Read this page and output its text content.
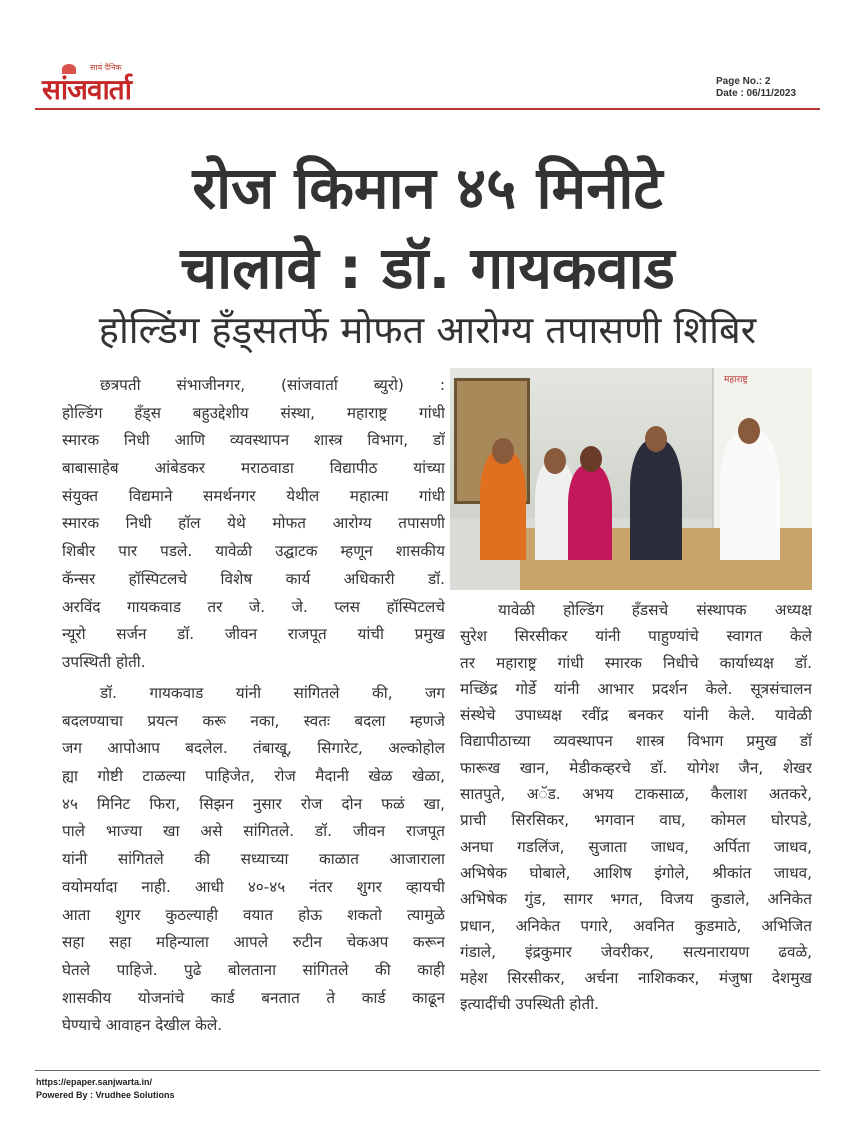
सायं दैनिक
सांजवार्ता	Page No.: 2
Date : 06/11/2023
रोज किमान ४५ मिनीटे
चालावे : डॉ. गायकवाड
होल्डिंग हँड्सतर्फे मोफत आरोग्य तपासणी शिबिर
छत्रपती संभाजीनगर, (सांजवार्ता ब्युरो) :
होल्डिंग हँड्स बहुउद्देशीय संस्था, महाराष्ट्र गांधी
स्मारक निधी आणि व्यवस्थापन शास्त्र विभाग, डॉ
बाबासाहेब आंबेडकर मराठवाडा विद्यापीठ यांच्या
संयुक्त विद्यमाने समर्थनगर येथील महात्मा गांधी
स्मारक निधी हॉल येथे मोफत आरोग्य तपासणी
शिबीर पार पडले. यावेळी उद्घाटक म्हणून शासकीय
कॅन्सर हॉस्पिटलचे विशेष कार्य अधिकारी डॉ.
अरविंद गायकवाड तर जे. जे. प्लस हॉस्पिटलचे
न्यूरो सर्जन डॉ. जीवन राजपूत यांची प्रमुख
उपस्थिती होती.
डॉ. गायकवाड यांनी सांगितले की, जग
बदलण्याचा प्रयत्न करू नका, स्वतः बदला म्हणजे
जग आपोआप बदलेल. तंबाखू, सिगारेट, अल्कोहोल
ह्या गोष्टी टाळल्या पाहिजेत, रोज मैदानी खेळ खेळा,
४५ मिनिट फिरा, सिझन नुसार रोज दोन फळं खा,
पाले भाज्या खा असे सांगितले. डॉ. जीवन राजपूत
यांनी सांगितले की सध्याच्या काळात आजाराला
वयोमर्यादा नाही. आधी ४०-४५ नंतर शुगर व्हायची
आता शुगर कुठल्याही वयात होऊ शकतो त्यामुळे
सहा सहा महिन्याला आपले रुटीन चेकअप करून
घेतले पाहिजे. पुढे बोलताना सांगितले की काही
शासकीय योजनांचे कार्ड बनतात ते कार्ड काढून
घेण्याचे आवाहन देखील केले.
महाराष्ट्र
यावेळी होल्डिंग हँडसचे संस्थापक अध्यक्ष
सुरेश सिरसीकर यांनी पाहुण्यांचे स्वागत केले
तर महाराष्ट्र गांधी स्मारक निधीचे कार्याध्यक्ष डॉ.
मच्छिंद्र गोर्डे यांनी आभार प्रदर्शन केले. सूत्रसंचालन
संस्थेचे उपाध्यक्ष रवींद्र बनकर यांनी केले. यावेळी
विद्यापीठाच्या व्यवस्थापन शास्त्र विभाग प्रमुख डॉ
फारूख खान, मेडीकव्हरचे डॉ. योगेश जैन, शेखर
सातपुते, अॅड. अभय टाकसाळ, कैलाश अतकरे,
प्राची सिरसिकर, भगवान वाघ, कोमल घोरपडे,
अनघा गडलिंज, सुजाता जाधव, अर्पिता जाधव,
अभिषेक घोबाले, आशिष इंगोले, श्रीकांत जाधव,
अभिषेक गुंड, सागर भगत, विजय कुडाले, अनिकेत
प्रधान, अनिकेत पगारे, अवनित कुडमाठे, अभिजित
गंडाले, इंद्रकुमार जेवरीकर, सत्यनारायण ढवळे,
महेश सिरसीकर, अर्चना नाशिककर, मंजुषा देशमुख
इत्यादींची उपस्थिती होती.
https://epaper.sanjwarta.in/
Powered By : Vrudhee Solutions
